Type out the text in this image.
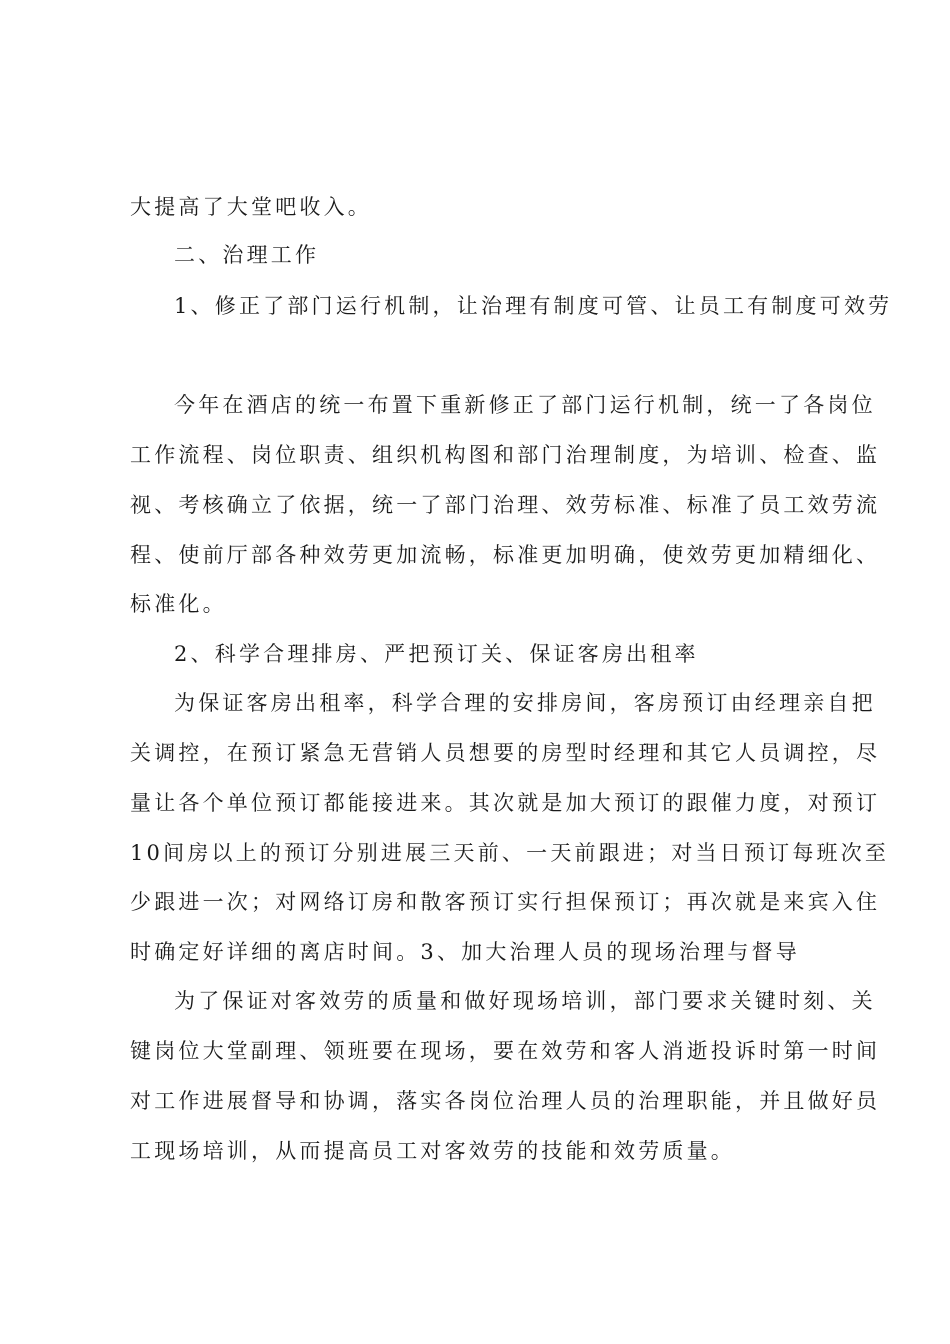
大提高了大堂吧收入。
二、治理工作
1、修正了部门运行机制，让治理有制度可管、让员工有制度可效劳
今年在酒店的统一布置下重新修正了部门运行机制，统一了各岗位
工作流程、岗位职责、组织机构图和部门治理制度，为培训、检查、监
视、考核确立了依据，统一了部门治理、效劳标准、标准了员工效劳流
程、使前厅部各种效劳更加流畅，标准更加明确，使效劳更加精细化、
标准化。
2、科学合理排房、严把预订关、保证客房出租率
为保证客房出租率，科学合理的安排房间，客房预订由经理亲自把
关调控，在预订紧急无营销人员想要的房型时经理和其它人员调控，尽
量让各个单位预订都能接进来。其次就是加大预订的跟催力度，对预订
10间房以上的预订分别进展三天前、一天前跟进；对当日预订每班次至
少跟进一次；对网络订房和散客预订实行担保预订；再次就是来宾入住
时确定好详细的离店时间。3、加大治理人员的现场治理与督导
为了保证对客效劳的质量和做好现场培训，部门要求关键时刻、关
键岗位大堂副理、领班要在现场，要在效劳和客人消逝投诉时第一时间
对工作进展督导和协调，落实各岗位治理人员的治理职能，并且做好员
工现场培训，从而提高员工对客效劳的技能和效劳质量。
